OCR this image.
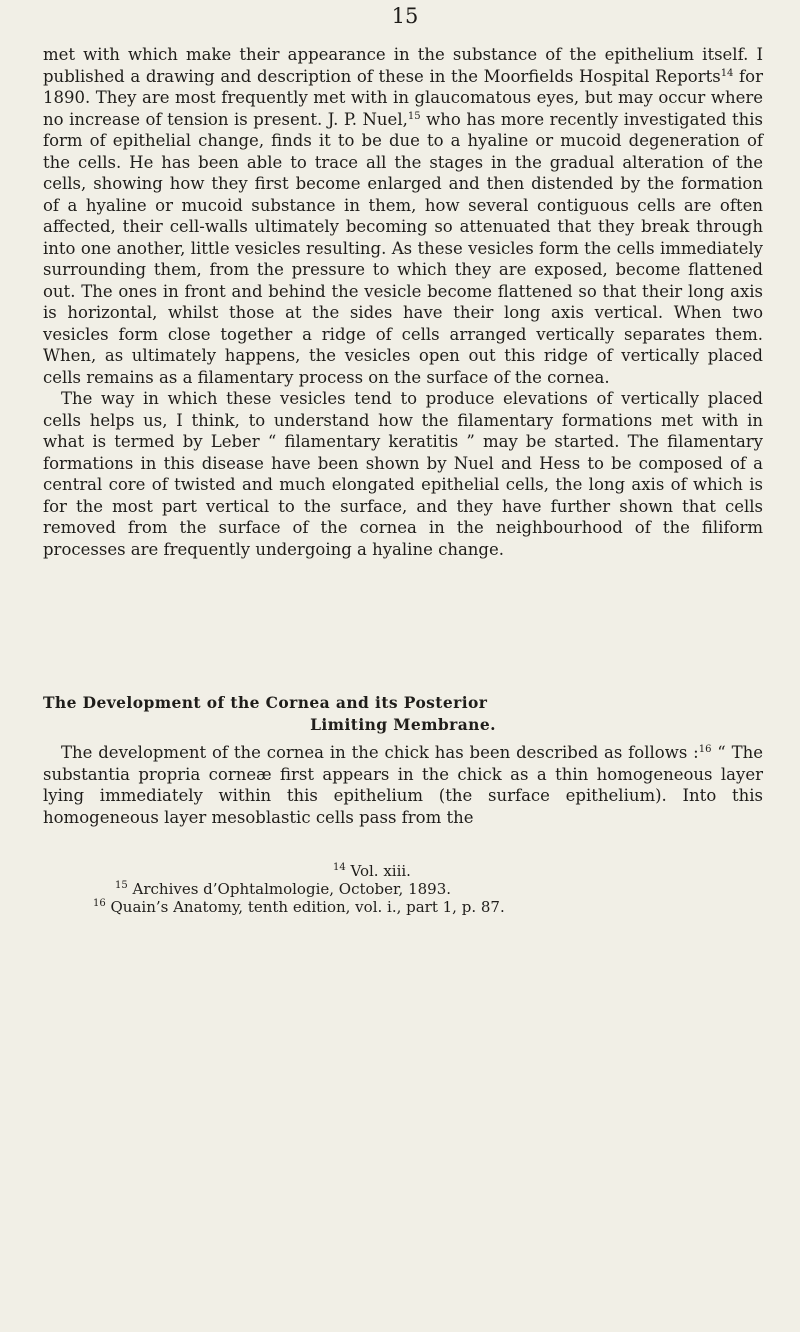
15

met with which make their appearance in the substance of the epithelium itself. I published a drawing and description of these in the Moorfields Hospital Reports$^{14}$ for 1890. They are most frequently met with in glaucomatous eyes, but may occur where no increase of tension is present. J. P. Nuel,$^{15}$ who has more recently investigated this form of epithelial change, finds it to be due to a hyaline or mucoid degeneration of the cells. He has been able to trace all the stages in the gradual alteration of the cells, showing how they first become enlarged and then distended by the formation of a hyaline or mucoid substance in them, how several contiguous cells are often affected, their cell-walls ultimately becoming so attenuated that they break through into one another, little vesicles resulting. As these vesicles form the cells immediately surrounding them, from the pressure to which they are exposed, become flattened out. The ones in front and behind the vesicle become flattened so that their long axis is horizontal, whilst those at the sides have their long axis vertical. When two vesicles form close together a ridge of cells arranged vertically separates them. When, as ultimately happens, the vesicles open out this ridge of vertically placed cells remains as a filamentary process on the surface of the cornea.

The way in which these vesicles tend to produce elevations of vertically placed cells helps us, I think, to understand how the filamentary formations met with in what is termed by Leber “ filamentary keratitis ” may be started. The filamentary formations in this disease have been shown by Nuel and Hess to be composed of a central core of twisted and much elongated epithelial cells, the long axis of which is for the most part vertical to the surface, and they have further shown that cells removed from the surface of the cornea in the neighbourhood of the filiform processes are frequently undergoing a hyaline change.

The Development of the Cornea and its Posterior
Limiting Membrane.

The development of the cornea in the chick has been described as follows :$^{16}$ “ The substantia propria corneæ first appears in the chick as a thin homogeneous layer lying immediately within this epithelium (the surface epithelium). Into this homogeneous layer mesoblastic cells pass from the

$^{14}$ Vol. xiii.
$^{15}$ Archives d’Ophtalmologie, October, 1893.
$^{16}$ Quain’s Anatomy, tenth edition, vol. i., part 1, p. 87.
